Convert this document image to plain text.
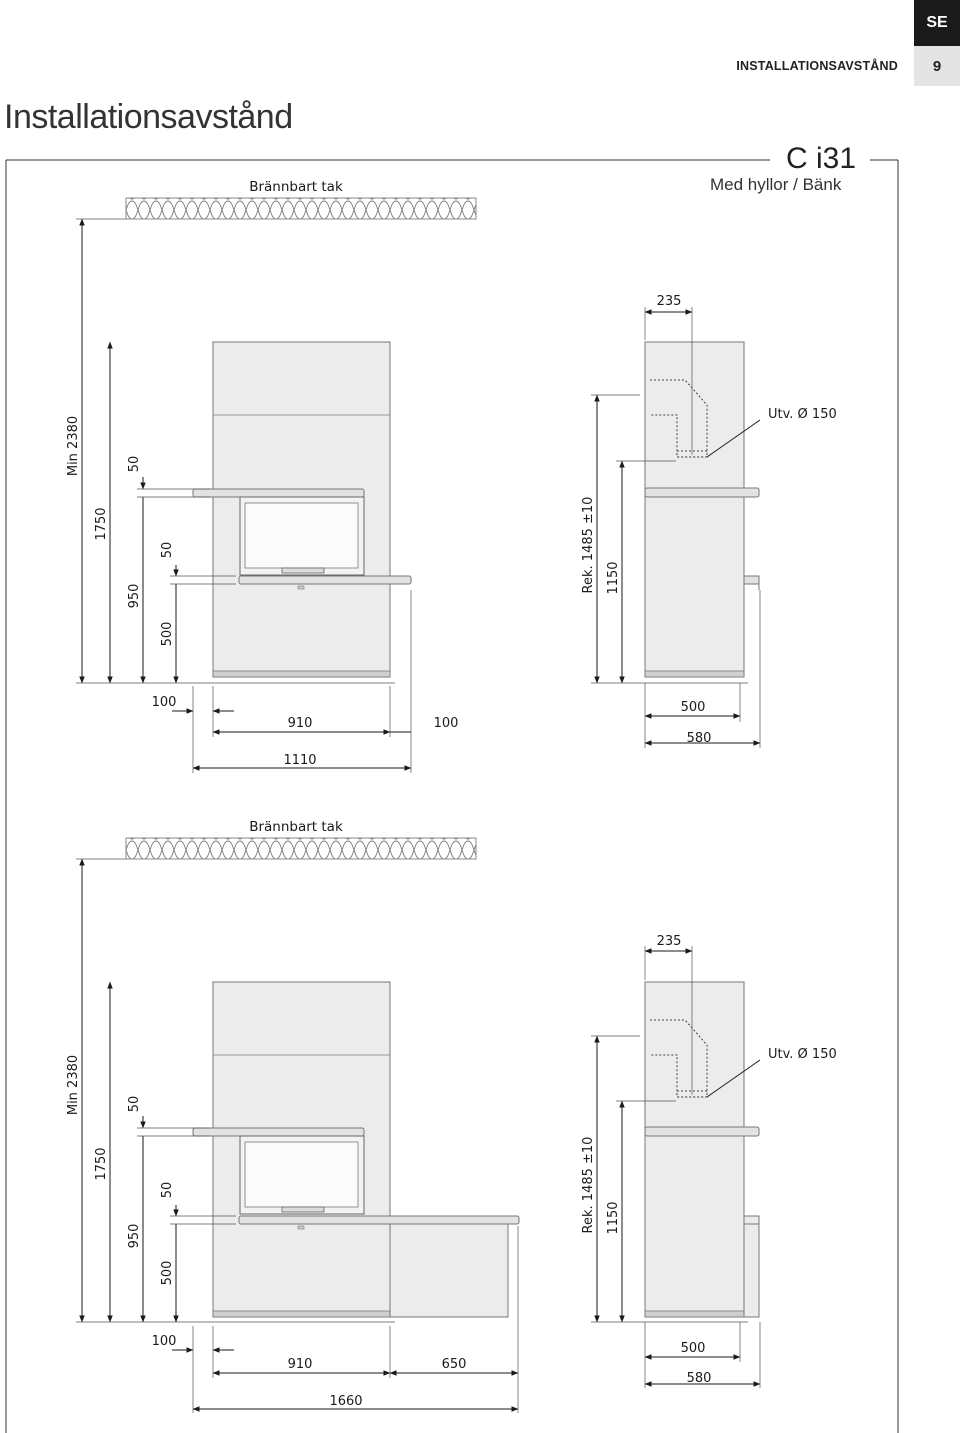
SE
9
INSTALLATIONSAVSTÅND
Installationsavstånd
C i31
Med hyllor / Bänk
Brännbart tak
Min 2380
1750
950
50
50
500
100
910	100
1110
Utv. Ø 150
235
Rek. 1485 ±10 1150
500
580
Brännbart tak
Min 2380
1750
950
50
50
500
100
910	650
1660
Utv. Ø 150
235
Rek. 1485 ±10 1150
500
580
